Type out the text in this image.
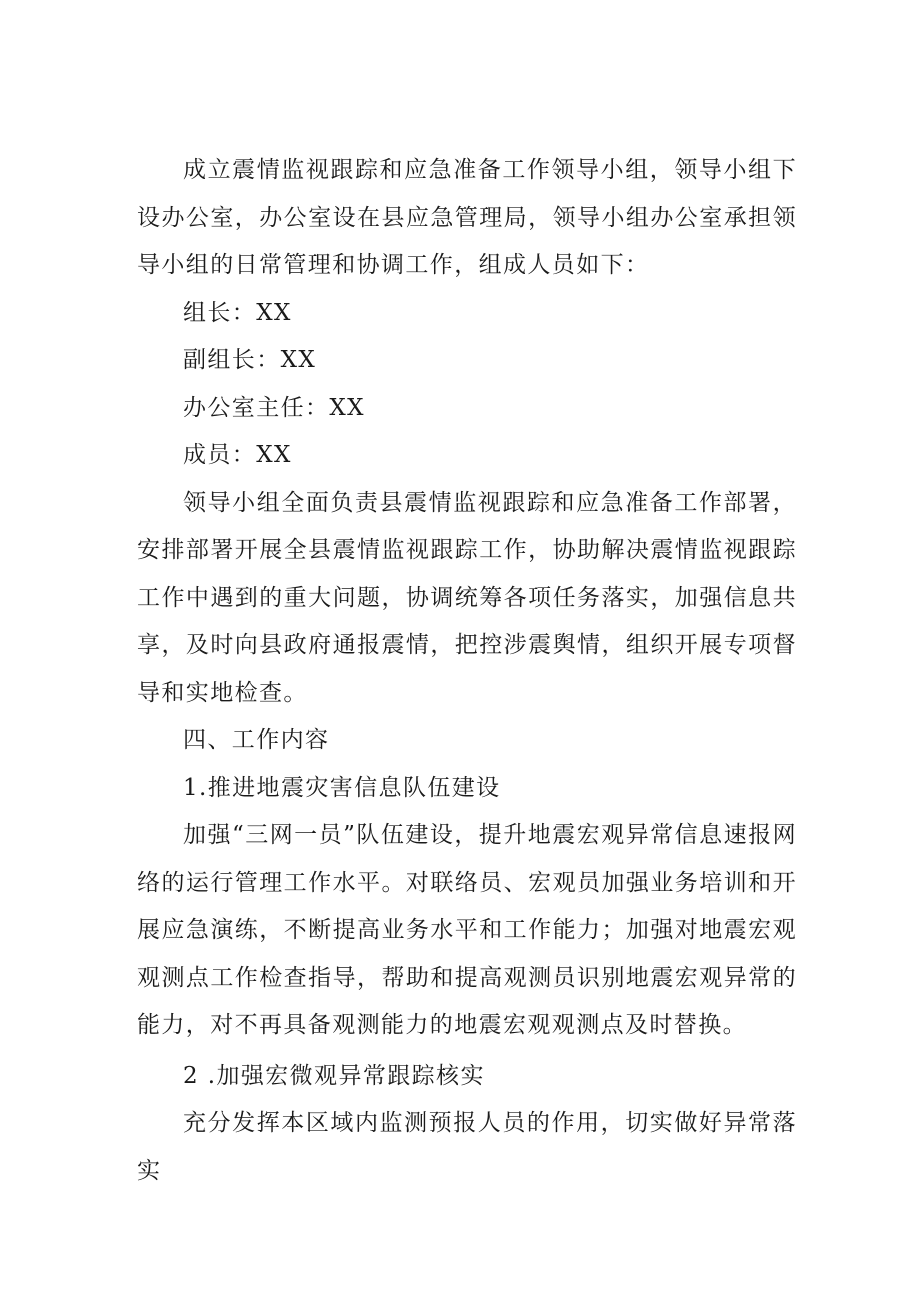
成立震情监视跟踪和应急准备工作领导小组，领导小组下设办公室，办公室设在县应急管理局，领导小组办公室承担领导小组的日常管理和协调工作，组成人员如下：

组长：XX

副组长：XX

办公室主任：XX

成员：XX

领导小组全面负责县震情监视跟踪和应急准备工作部署，安排部署开展全县震情监视跟踪工作，协助解决震情监视跟踪工作中遇到的重大问题，协调统筹各项任务落实，加强信息共享，及时向县政府通报震情，把控涉震舆情，组织开展专项督导和实地检查。

四、工作内容

1.推进地震灾害信息队伍建设

加强“三网一员”队伍建设，提升地震宏观异常信息速报网络的运行管理工作水平。对联络员、宏观员加强业务培训和开展应急演练，不断提高业务水平和工作能力；加强对地震宏观观测点工作检查指导，帮助和提高观测员识别地震宏观异常的能力，对不再具备观测能力的地震宏观观测点及时替换。

2 .加强宏微观异常跟踪核实

充分发挥本区域内监测预报人员的作用，切实做好异常落实
